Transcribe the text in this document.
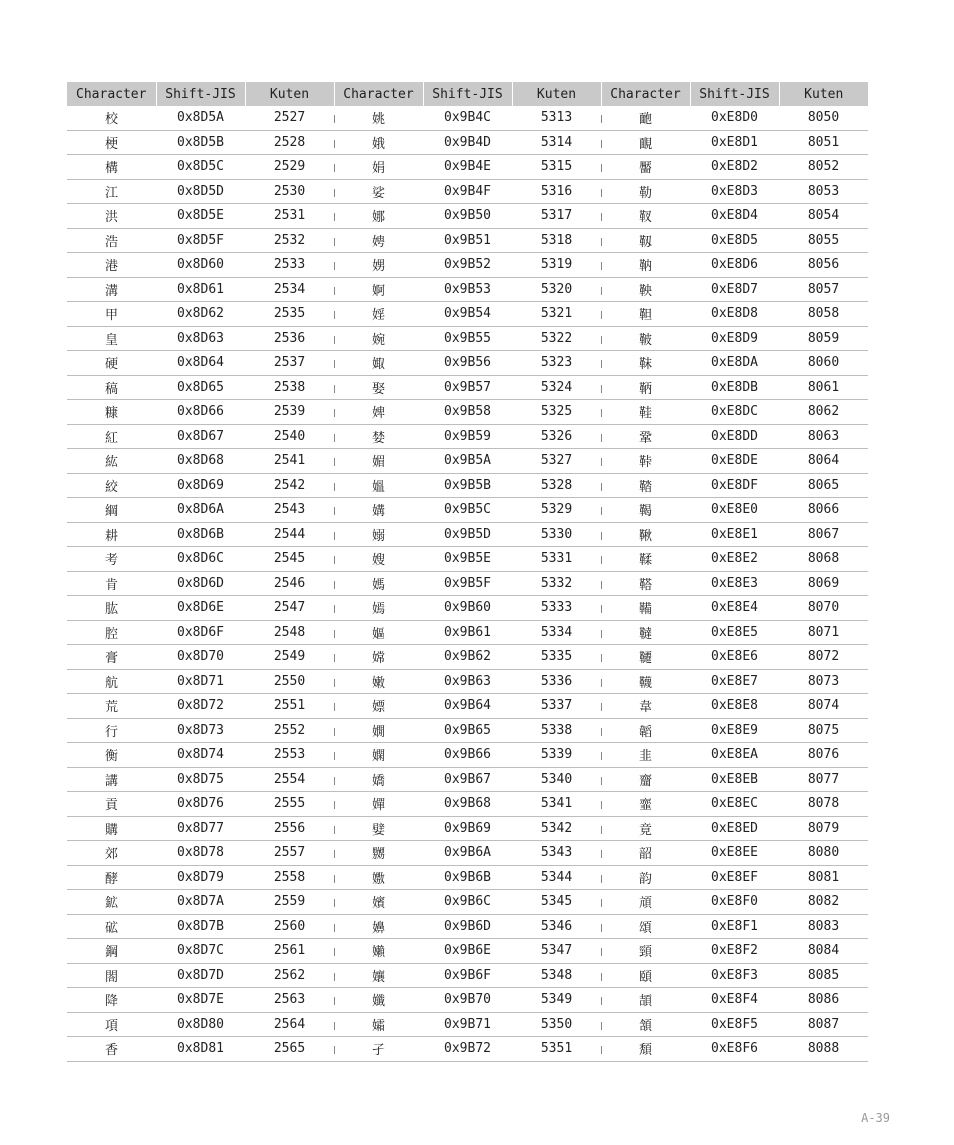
Character	Shift-JIS	Kuten	Character	Shift-JIS	Kuten	Character	Shift-JIS	Kuten
校	0x8D5A	2527	姚	0x9B4C	5313	靤	0xE8D0	8050
梗	0x8D5B	2528	娥	0x9B4D	5314	靦	0xE8D1	8051
構	0x8D5C	2529	娟	0x9B4E	5315	靨	0xE8D2	8052
江	0x8D5D	2530	娑	0x9B4F	5316	勒	0xE8D3	8053
洪	0x8D5E	2531	娜	0x9B50	5317	靫	0xE8D4	8054
浩	0x8D5F	2532	娉	0x9B51	5318	靱	0xE8D5	8055
港	0x8D60	2533	娚	0x9B52	5319	靹	0xE8D6	8056
溝	0x8D61	2534	婀	0x9B53	5320	鞅	0xE8D7	8057
甲	0x8D62	2535	婬	0x9B54	5321	靼	0xE8D8	8058
皇	0x8D63	2536	婉	0x9B55	5322	鞁	0xE8D9	8059
硬	0x8D64	2537	娵	0x9B56	5323	靺	0xE8DA	8060
稿	0x8D65	2538	娶	0x9B57	5324	鞆	0xE8DB	8061
糠	0x8D66	2539	婢	0x9B58	5325	鞋	0xE8DC	8062
紅	0x8D67	2540	婪	0x9B59	5326	鞏	0xE8DD	8063
紘	0x8D68	2541	媚	0x9B5A	5327	鞐	0xE8DE	8064
絞	0x8D69	2542	媼	0x9B5B	5328	鞜	0xE8DF	8065
綱	0x8D6A	2543	媾	0x9B5C	5329	鞨	0xE8E0	8066
耕	0x8D6B	2544	嫋	0x9B5D	5330	鞦	0xE8E1	8067
考	0x8D6C	2545	嫂	0x9B5E	5331	鞣	0xE8E2	8068
肯	0x8D6D	2546	媽	0x9B5F	5332	鞳	0xE8E3	8069
肱	0x8D6E	2547	嫣	0x9B60	5333	鞴	0xE8E4	8070
腔	0x8D6F	2548	嫗	0x9B61	5334	韃	0xE8E5	8071
膏	0x8D70	2549	嫦	0x9B62	5335	韆	0xE8E6	8072
航	0x8D71	2550	嫩	0x9B63	5336	韈	0xE8E7	8073
荒	0x8D72	2551	嫖	0x9B64	5337	韋	0xE8E8	8074
行	0x8D73	2552	嫺	0x9B65	5338	韜	0xE8E9	8075
衡	0x8D74	2553	嫻	0x9B66	5339	韭	0xE8EA	8076
講	0x8D75	2554	嬌	0x9B67	5340	齏	0xE8EB	8077
貢	0x8D76	2555	嬋	0x9B68	5341	韲	0xE8EC	8078
購	0x8D77	2556	嬖	0x9B69	5342	竟	0xE8ED	8079
郊	0x8D78	2557	嬲	0x9B6A	5343	韶	0xE8EE	8080
酵	0x8D79	2558	嫐	0x9B6B	5344	韵	0xE8EF	8081
鉱	0x8D7A	2559	嬪	0x9B6C	5345	頏	0xE8F0	8082
砿	0x8D7B	2560	嬶	0x9B6D	5346	頌	0xE8F1	8083
鋼	0x8D7C	2561	嬾	0x9B6E	5347	頸	0xE8F2	8084
閤	0x8D7D	2562	孃	0x9B6F	5348	頤	0xE8F3	8085
降	0x8D7E	2563	孅	0x9B70	5349	頡	0xE8F4	8086
項	0x8D80	2564	孀	0x9B71	5350	頷	0xE8F5	8087
香	0x8D81	2565	孑	0x9B72	5351	頽	0xE8F6	8088
A-39
